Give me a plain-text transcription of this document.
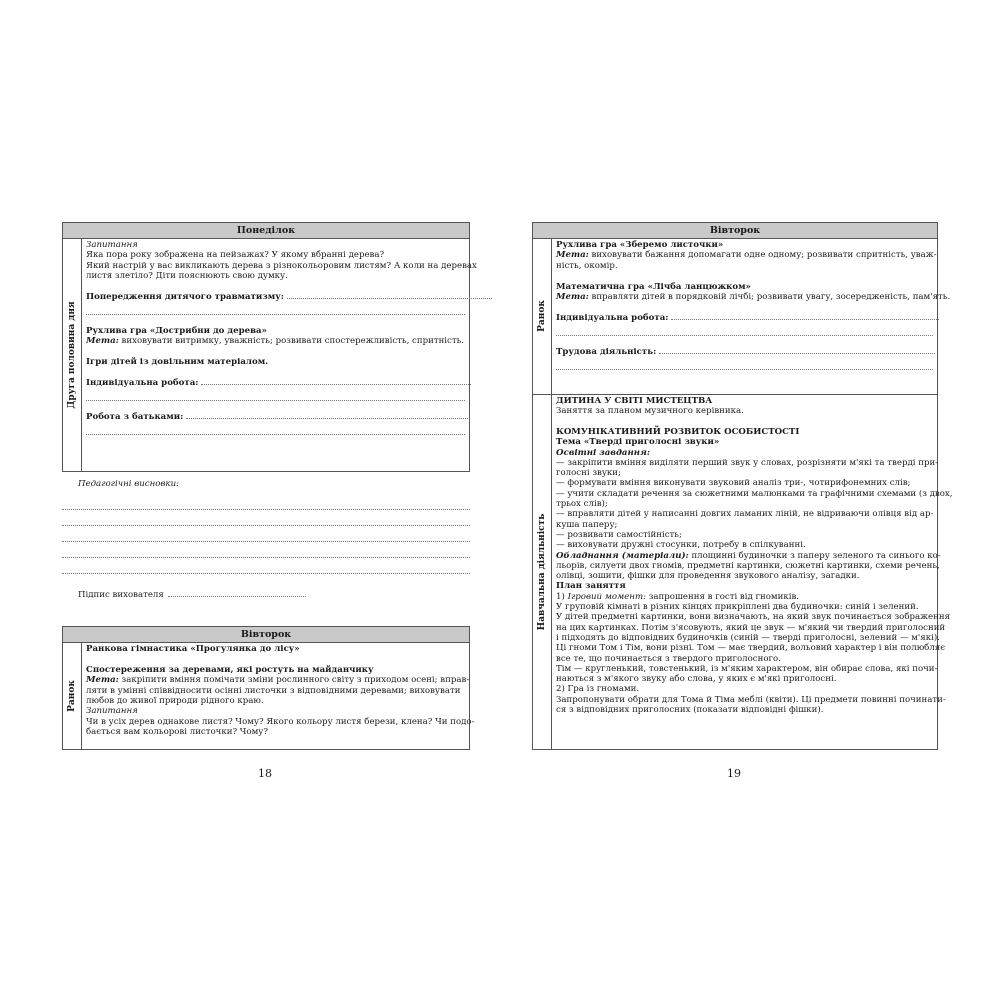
Понеділок
Друга половина дня
Запитання
Яка пора року зображена на пейзажах? У якому вбранні дерева?
Який настрій у вас викликають дерева з різнокольоровим листям? А коли на деревах
листя злетіло? Діти пояснюють свою думку.
Попередження дитячого травматизму:
Рухлива гра «Дострибни до дерева»
Мета: виховувати витримку, уважність; розвивати спостережливість, спритність.
Ігри дітей із довільним матеріалом.
Індивідуальна робота:
Робота з батьками:
Педагогічні висновки:
Підпис вихователя
Вівторок
Ранок
Ранкова гімнастика «Прогулянка до лісу»
Спостереження за деревами, які ростуть на майданчику
Мета: закріпити вміння помічати зміни рослинного світу з приходом осені; вправ-
ляти в умінні співвідносити осінні листочки з відповідними деревами; виховувати
любов до живої природи рідного краю.
Запитання
Чи в усіх дерев однакове листя? Чому? Якого кольору листя берези, клена? Чи подо-
бається вам кольорові листочки? Чому?
18
Вівторок
Ранок
Рухлива гра «Зберемо листочки»
Мета: виховувати бажання допомагати одне одному; розвивати спритність, уваж-
ність, окомір.
Математична гра «Лічба ланцюжком»
Мета: вправляти дітей в порядковій лічбі; розвивати увагу, зосередженість, пам'ять.
Індивідуальна робота:
Трудова діяльність:
Навчальна діяльність
ДИТИНА У СВІТІ МИСТЕЦТВА
Заняття за планом музичного керівника.
КОМУНІКАТИВНИЙ РОЗВИТОК ОСОБИСТОСТІ
Тема «Тверді приголосні звуки»
Освітні завдання:
— закріпити вміння виділяти перший звук у словах, розрізняти м'які та тверді при-
голосні звуки;
— формувати вміння виконувати звуковий аналіз три-, чотирифонемних слів;
— учити складати речення за сюжетними малюнками та графічними схемами (з двох,
трьох слів);
— вправляти дітей у написанні довгих ламаних ліній, не відриваючи олівця від ар-
куша паперу;
— розвивати самостійність;
— виховувати дружні стосунки, потребу в спілкуванні.
Обладнання (матеріали): площинні будиночки з паперу зеленого та синього ко-
льорів, силуети двох гномів, предметні картинки, сюжетні картинки, схеми речень,
олівці, зошити, фішки для проведення звукового аналізу, загадки.
План заняття
1) Ігровий момент: запрошення в гості від гномиків.
У груповій кімнаті в різних кінцях прикріплені два будиночки: синій і зелений.
У дітей предметні картинки, вони визначають, на який звук починається зображення
на цих картинках. Потім з'ясовують, який це звук — м'який чи твердий приголосний
і підходять до відповідних будиночків (синій — тверді приголосні, зелений — м'які).
Ці гноми Том і Тім, вони різні. Том — має твердий, вольовий характер і він полюбляє
все те, що починається з твердого приголосного.
Тім — кругленький, товстенький, із м'яким характером, він обирає слова, які почи-
наються з м'якого звуку або слова, у яких є м'які приголосні.
2) Гра із гномами.
Запропонувати обрати для Тома й Тіма меблі (квіти). Ці предмети повинні починати-
ся з відповідних приголосних (показати відповідні фішки).
19
